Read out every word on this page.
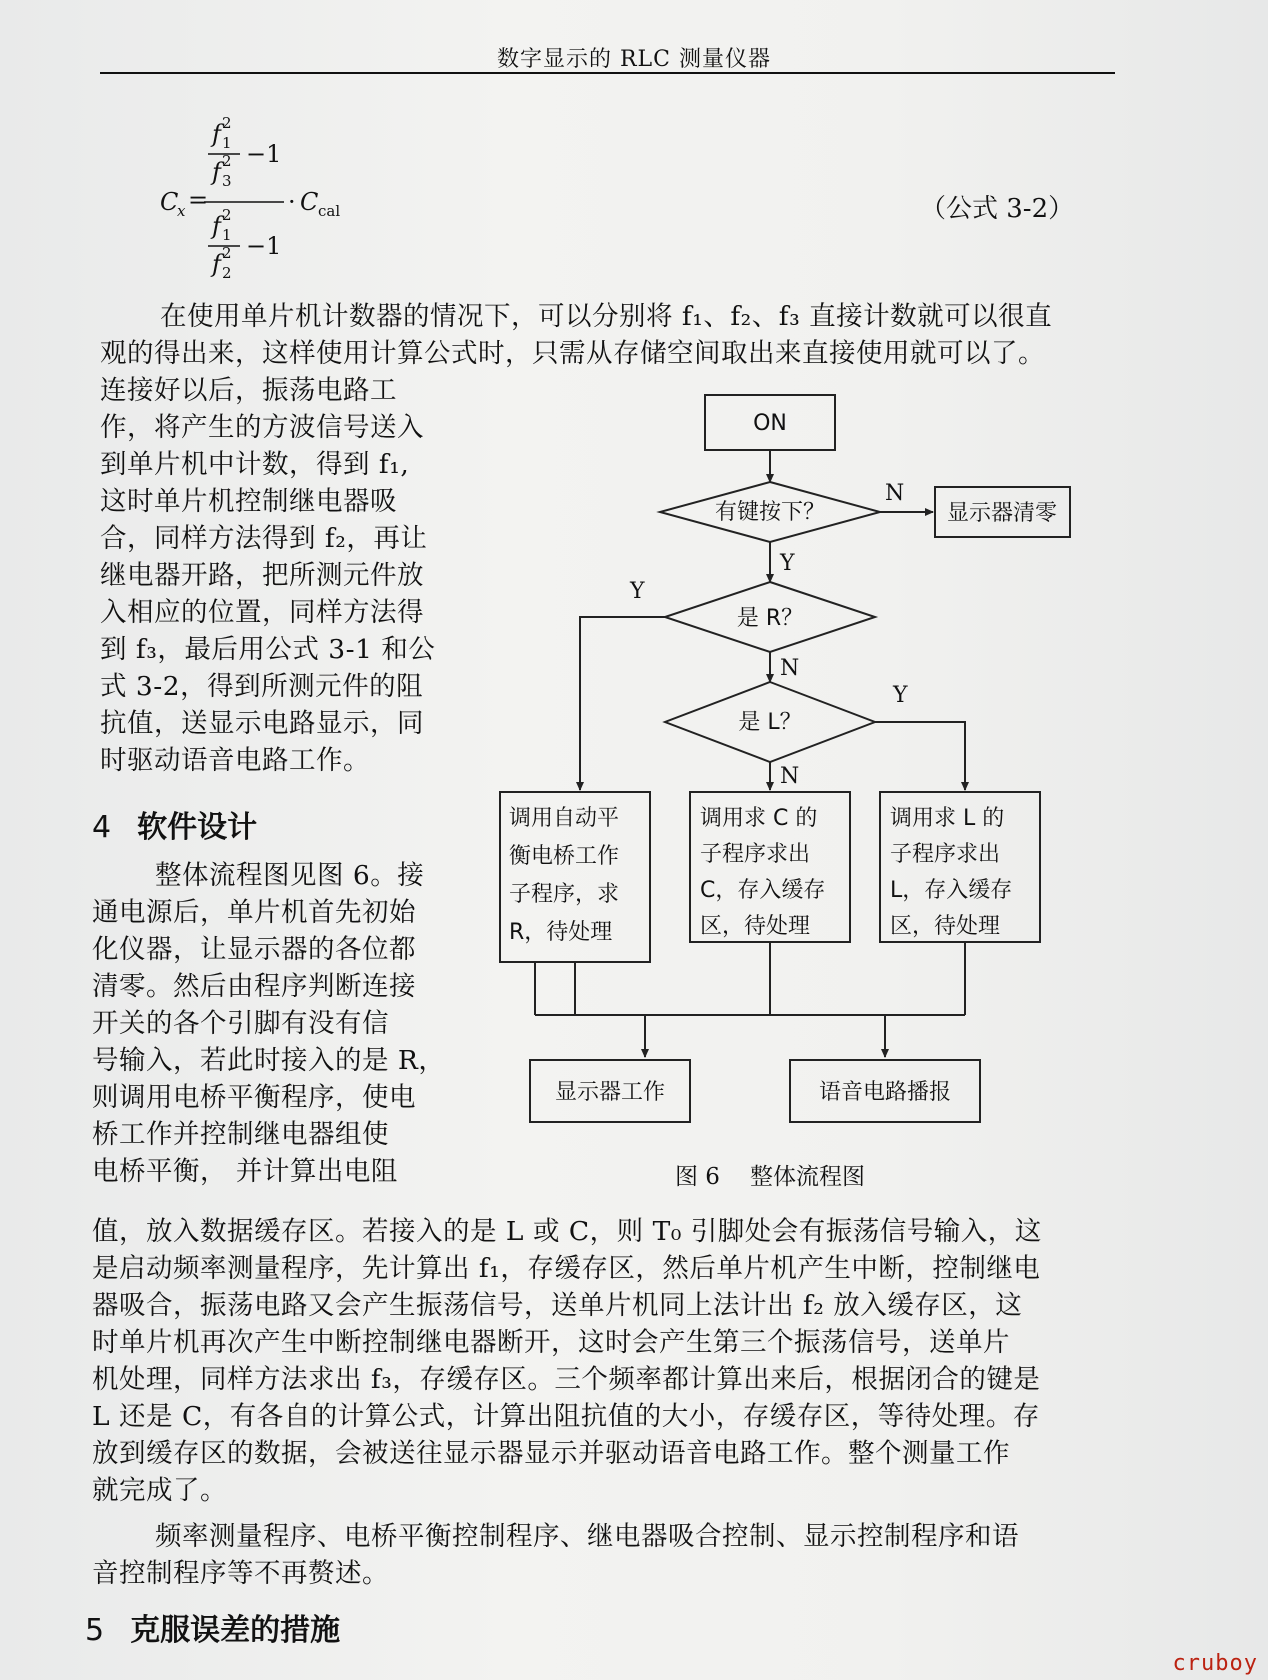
数字显示的 RLC 测量仪器
f 1
2
f 3
2 −1
C
x =	· C cal
f 1
2
f 2
2 −1
（公式 3-2）

在使用单片机计数器的情况下，可以分别将 f₁、f₂、f₃ 直接计数就可以很直

观的得出来，这样使用计算公式时，只需从存储空间取出来直接使用就可以了。

连接好以后，振荡电路工

作，将产生的方波信号送入

到单片机中计数，得到 f₁,

这时单片机控制继电器吸

合，同样方法得到 f₂，再让

继电器开路，把所测元件放

入相应的位置，同样方法得

到 f₃，最后用公式 3-1 和公

式 3-2，得到所测元件的阻

抗值，送显示电路显示，同

时驱动语音电路工作。

4 软件设计

整体流程图见图 6。接

通电源后，单片机首先初始

化仪器，让显示器的各位都

清零。然后由程序判断连接

开关的各个引脚有没有信

号输入，若此时接入的是 R，

则调用电桥平衡程序，使电

桥工作并控制继电器组使

电桥平衡， 并计算出电阻

值，放入数据缓存区。若接入的是 L 或 C，则 T₀ 引脚处会有振荡信号输入，这

是启动频率测量程序，先计算出 f₁，存缓存区，然后单片机产生中断，控制继电

器吸合，振荡电路又会产生振荡信号，送单片机同上法计出 f₂ 放入缓存区，这

时单片机再次产生中断控制继电器断开，这时会产生第三个振荡信号，送单片

机处理，同样方法求出 f₃，存缓存区。三个频率都计算出来后，根据闭合的键是

L 还是 C，有各自的计算公式，计算出阻抗值的大小，存缓存区，等待处理。存

放到缓存区的数据，会被送往显示器显示并驱动语音电路工作。整个测量工作

就完成了。

频率测量程序、电桥平衡控制程序、继电器吸合控制、显示控制程序和语

音控制程序等不再赘述。

5 克服误差的措施
ON
有键按下？
N
显示器清零
Y
是 R？
Y
N
是 L？
Y
N
调用自动平
衡电桥工作
子程序，求
R，待处理
调用求 C 的
子程序求出
C，存入缓存
区，待处理
调用求 L 的
子程序求出
L，存入缓存
区，待处理
显示器工作	语音电路播报
图 6 整体流程图
cruboy
